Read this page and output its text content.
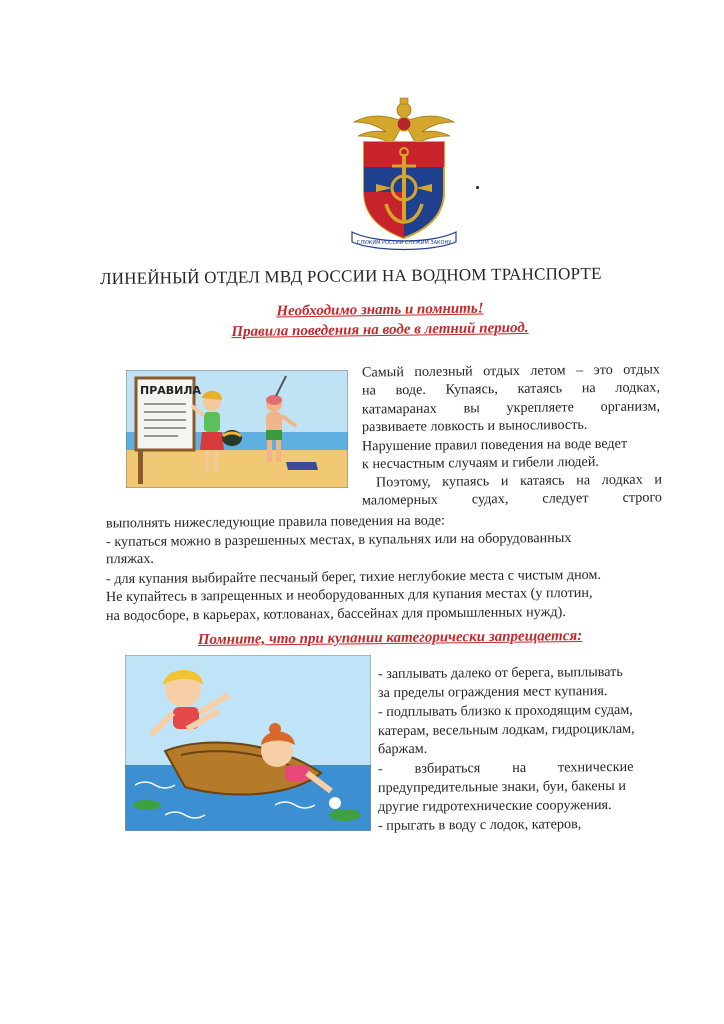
СЛУЖИМ РОССИИ СЛУЖИМ ЗАКОНУ
ЛИНЕЙНЫЙ ОТДЕЛ МВД РОССИИ НА ВОДНОМ ТРАНСПОРТЕ
Необходимо знать и помнить!
Правила поведения на воде в летний период.
ПРАВИЛА
Самый полезный отдых летом – это отдых
на воде. Купаясь, катаясь на лодках,
катамаранах вы укрепляете организм,
развиваете ловкость и выносливость.
Нарушение правил поведения на воде ведет
к несчастным случаям и гибели людей.
Поэтому, купаясь и катаясь на лодках и
маломерных судах, следует строго
выполнять нижеследующие правила поведения на воде:
- купаться можно в разрешенных местах, в купальнях или на оборудованных
пляжах.
- для купания выбирайте песчаный берег, тихие неглубокие места с чистым дном.
Не купайтесь в запрещенных и необорудованных для купания местах (у плотин,
на водосборе, в карьерах, котлованах, бассейнах для промышленных нужд).
Помните, что при купании категорически запрещается:
- заплывать далеко от берега, выплывать
за пределы ограждения мест купания.
- подплывать близко к проходящим судам,
катерам, весельным лодкам, гидроциклам,
баржам.
-         взбираться         на         технические
предупредительные знаки, буи, бакены и
другие гидротехнические сооружения.
- прыгать в воду с лодок, катеров,
